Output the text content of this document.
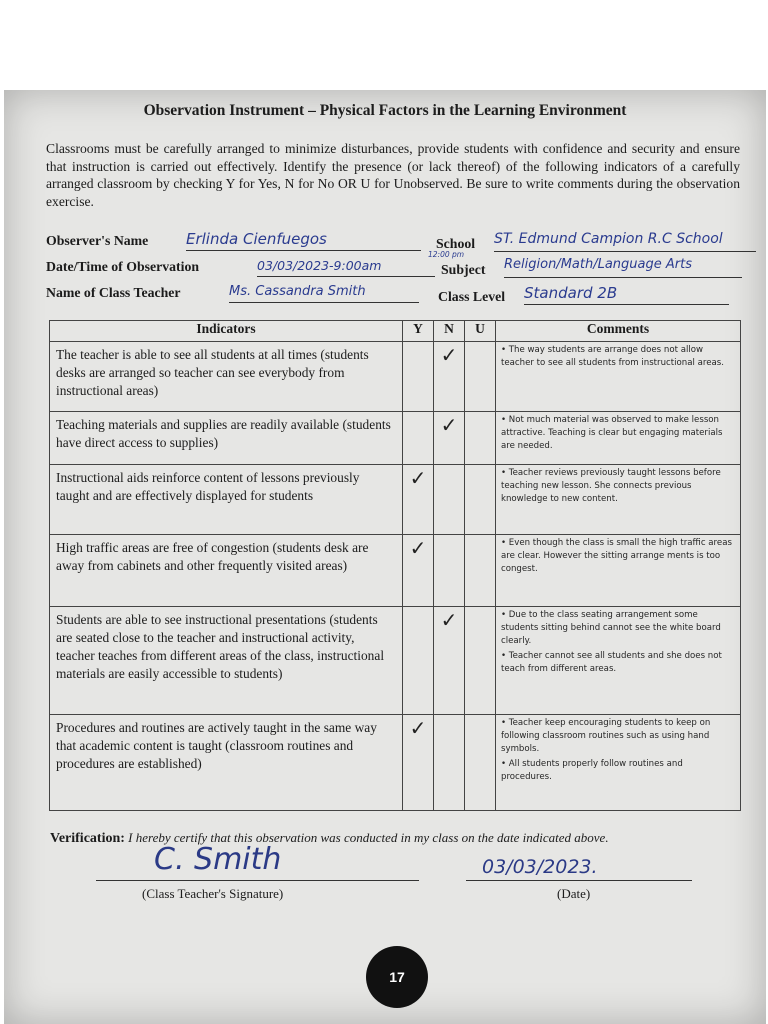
Observation Instrument – Physical Factors in the Learning Environment
Classrooms must be carefully arranged to minimize disturbances, provide students with confidence and security and ensure that instruction is carried out effectively. Identify the presence (or lack thereof) of the following indicators of a carefully arranged classroom by checking Y for Yes, N for No OR U for Unobserved. Be sure to write comments during the observation exercise.
Observer's Name	Erlinda Cienfuegos	School ST. Edmund Campion R.C School
Date/Time of Observation	03/03/2023-9:00am
12:00 pm
Subject Religion/Math/Language Arts
Name of Class Teacher	Ms. Cassandra Smith	Class Level Standard 2B
Indicators	Y	N	U	Comments
The teacher is able to see all students at all times (students desks are arranged so teacher can see everybody from instructional areas)		✓		• The way students are arrange does not allow teacher to see all students from instructional areas.

Teaching materials and supplies are readily available (students have direct access to supplies)		✓		• Not much material was observed to make lesson attractive. Teaching is clear but engaging materials are needed.

Instructional aids reinforce content of lessons previously taught and are effectively displayed for students	✓			• Teacher reviews previously taught lessons before teaching new lesson. She connects previous knowledge to new content.

High traffic areas are free of congestion (students desk are away from cabinets and other frequently visited areas)	✓			• Even though the class is small the high traffic areas are clear. However the sitting arrange ments is too congest.

Students are able to see instructional presentations (students are seated close to the teacher and instructional activity, teacher teaches from different areas of the class, instructional materials are easily accessible to students)		✓		• Due to the class seating arrangement some students sitting behind cannot see the white board clearly.
• Teacher cannot see all students and she does not teach from different areas.

Procedures and routines are actively taught in the same way that academic content is taught (classroom routines and procedures are established)	✓			• Teacher keep encouraging students to keep on following classroom routines such as using hand symbols.
• All students properly follow routines and procedures.
Verification: I hereby certify that this observation was conducted in my class on the date indicated above.
C. Smith
(Class Teacher's Signature)
03/03/2023.
(Date)
17
